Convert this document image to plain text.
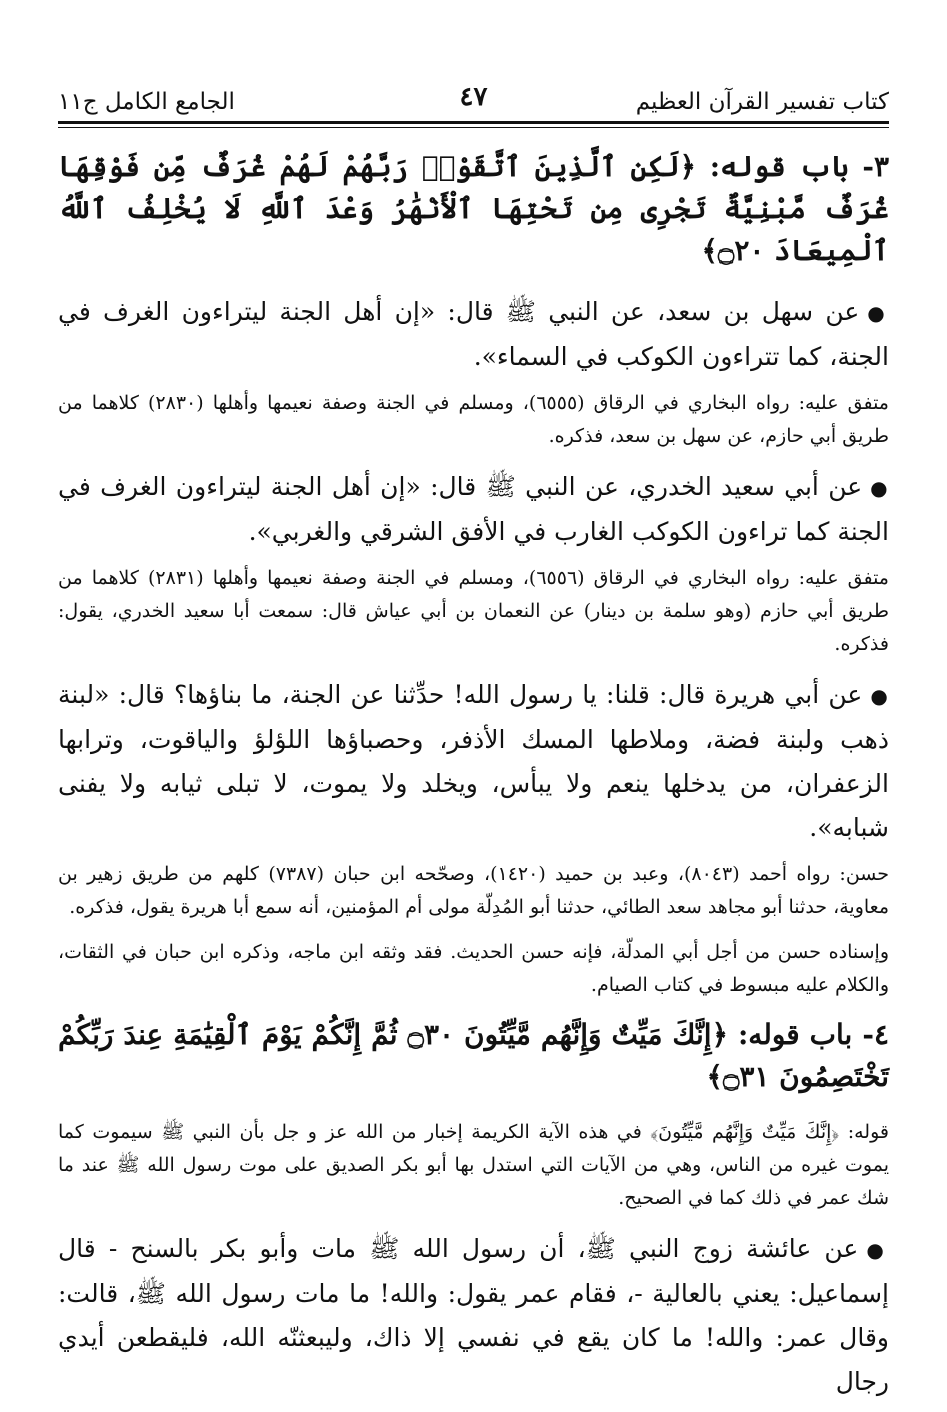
كتاب تفسير القرآن العظيم
٤٧
الجامع الكامل ج١١

٣- باب قوله: ﴿لَكِنِ ٱلَّذِينَ ٱتَّقَوْا۟ رَبَّهُمْ لَهُمْ غُرَفٌ مِّن فَوْقِهَا غُرَفٌ مَّبْنِيَّةٌ تَجْرِى مِن تَحْتِهَا ٱلْأَنْهَٰرُ وَعْدَ ٱللَّهِ لَا يُخْلِفُ ٱللَّهُ ٱلْمِيعَادَ ۝٢٠﴾

●عن سهل بن سعد، عن النبي ﷺ قال: «إن أهل الجنة ليتراءون الغرف في الجنة، كما تتراءون الكوكب في السماء».

متفق عليه: رواه البخاري في الرقاق (٦٥٥٥)، ومسلم في الجنة وصفة نعيمها وأهلها (٢٨٣٠) كلاهما من طريق أبي حازم، عن سهل بن سعد، فذكره.

●عن أبي سعيد الخدري، عن النبي ﷺ قال: «إن أهل الجنة ليتراءون الغرف في الجنة كما تراءون الكوكب الغارب في الأفق الشرقي والغربي».

متفق عليه: رواه البخاري في الرقاق (٦٥٥٦)، ومسلم في الجنة وصفة نعيمها وأهلها (٢٨٣١) كلاهما من طريق أبي حازم (وهو سلمة بن دينار) عن النعمان بن أبي عياش قال: سمعت أبا سعيد الخدري، يقول: فذكره.

●عن أبي هريرة قال: قلنا: يا رسول الله! حدِّثنا عن الجنة، ما بناؤها؟ قال: «لبنة ذهب ولبنة فضة، وملاطها المسك الأذفر، وحصباؤها اللؤلؤ والياقوت، وترابها الزعفران، من يدخلها ينعم ولا يبأس، ويخلد ولا يموت، لا تبلى ثيابه ولا يفنى شبابه».

حسن: رواه أحمد (٨٠٤٣)، وعبد بن حميد (١٤٢٠)، وصحّحه ابن حبان (٧٣٨٧) كلهم من طريق زهير بن معاوية، حدثنا أبو مجاهد سعد الطائي، حدثنا أبو المُدِلّة مولى أم المؤمنين، أنه سمع أبا هريرة يقول، فذكره.

وإسناده حسن من أجل أبي المدلّة، فإنه حسن الحديث. فقد وثقه ابن ماجه، وذكره ابن حبان في الثقات، والكلام عليه مبسوط في كتاب الصيام.

٤- باب قوله: ﴿إِنَّكَ مَيِّتٌ وَإِنَّهُم مَّيِّتُونَ ۝٣٠ ثُمَّ إِنَّكُمْ يَوْمَ ٱلْقِيَٰمَةِ عِندَ رَبِّكُمْ تَخْتَصِمُونَ ۝٣١﴾

قوله: ﴿إِنَّكَ مَيِّتٌ وَإِنَّهُم مَّيِّتُونَ﴾ في هذه الآية الكريمة إخبار من الله عز و جل بأن النبي ﷺ سيموت كما يموت غيره من الناس، وهي من الآيات التي استدل بها أبو بكر الصديق على موت رسول الله ﷺ عند ما شك عمر في ذلك كما في الصحيح.

●عن عائشة زوج النبي ﷺ، أن رسول الله ﷺ مات وأبو بكر بالسنح - قال إسماعيل: يعني بالعالية -، فقام عمر يقول: والله! ما مات رسول الله ﷺ، قالت: وقال عمر: والله! ما كان يقع في نفسي إلا ذاك، وليبعثنّه الله، فليقطعن أيدي رجال
